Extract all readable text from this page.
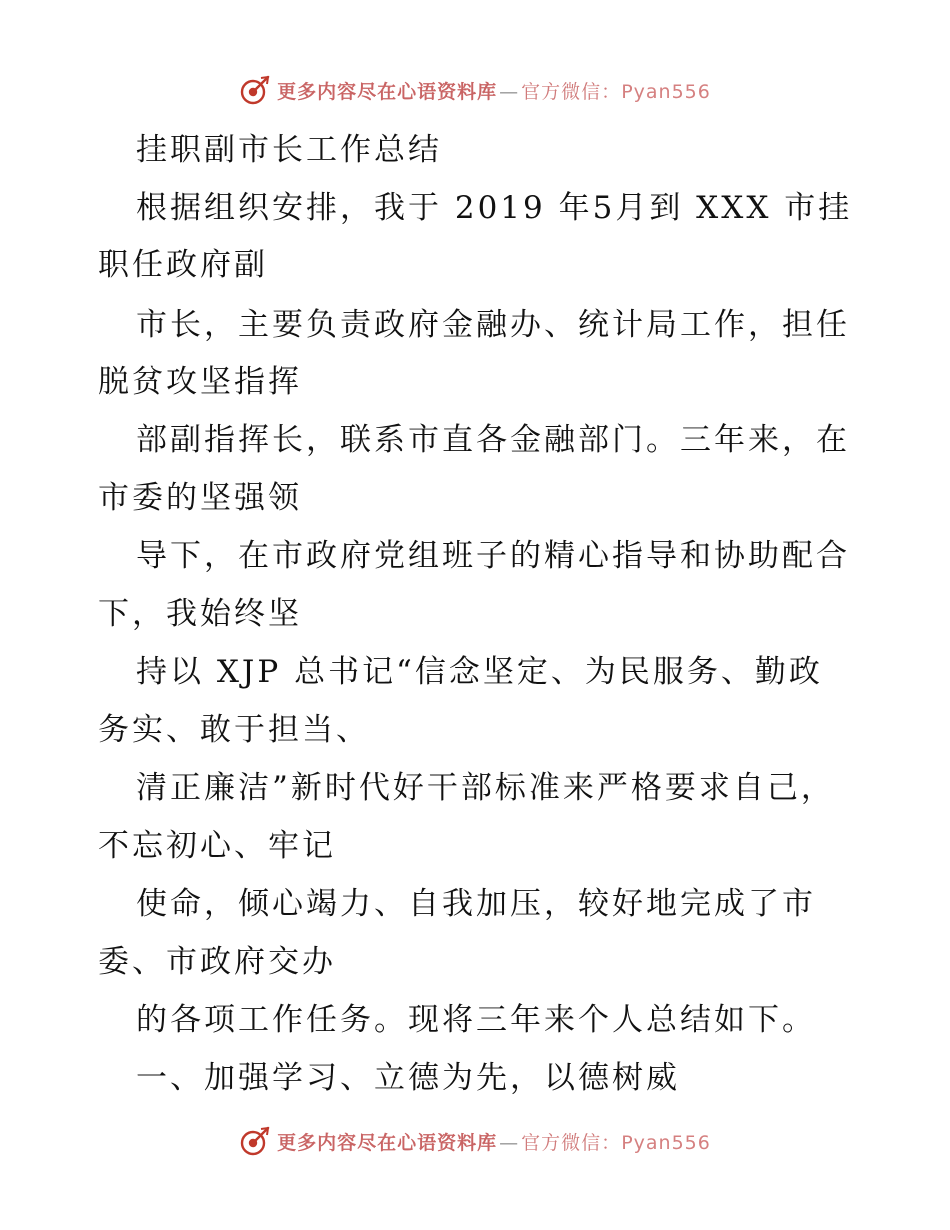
更多内容尽在心语资料库 — 官方微信：Pyan556
挂职副市长工作总结
根据组织安排，我于 2019 年5月到 XXX 市挂
职任政府副
市长，主要负责政府金融办、统计局工作，担任
脱贫攻坚指挥
部副指挥长，联系市直各金融部门。三年来，在
市委的坚强领
导下，在市政府党组班子的精心指导和协助配合
下，我始终坚
持以 XJP 总书记“信念坚定、为民服务、勤政
务实、敢于担当、
清正廉洁”新时代好干部标准来严格要求自己，
不忘初心、牢记
使命，倾心竭力、自我加压，较好地完成了市
委、市政府交办
的各项工作任务。现将三年来个人总结如下。
一、加强学习、立德为先，以德树威
更多内容尽在心语资料库 — 官方微信：Pyan556
